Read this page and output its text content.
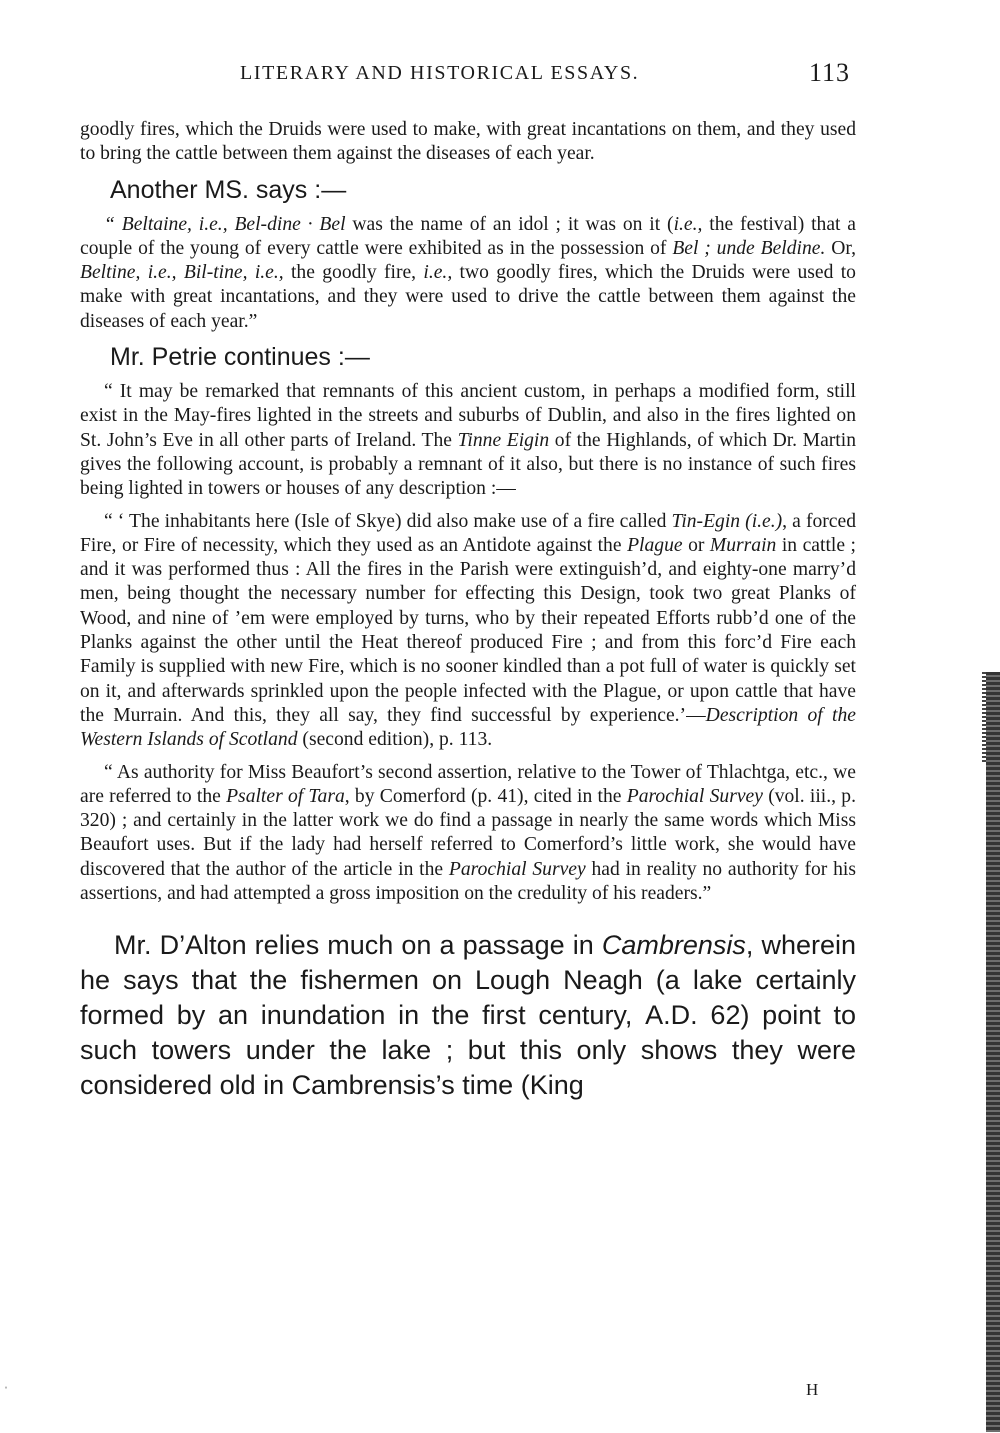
LITERARY AND HISTORICAL ESSAYS.	113

goodly fires, which the Druids were used to make, with great incantations on them, and they used to bring the cattle between them against the diseases of each year.

Another MS. says :—

“ Beltaine, i.e., Bel-dine · Bel was the name of an idol ; it was on it (i.e., the festival) that a couple of the young of every cattle were exhibited as in the possession of Bel ; unde Beldine. Or, Beltine, i.e., Bil-tine, i.e., the goodly fire, i.e., two goodly fires, which the Druids were used to make with great incantations, and they were used to drive the cattle between them against the diseases of each year.”

Mr. Petrie continues :—

“ It may be remarked that remnants of this ancient custom, in perhaps a modified form, still exist in the May-fires lighted in the streets and suburbs of Dublin, and also in the fires lighted on St. John’s Eve in all other parts of Ireland. The Tinne Eigin of the Highlands, of which Dr. Martin gives the following account, is probably a remnant of it also, but there is no instance of such fires being lighted in towers or houses of any description :—

“ ‘ The inhabitants here (Isle of Skye) did also make use of a fire called Tin-Egin (i.e.), a forced Fire, or Fire of necessity, which they used as an Antidote against the Plague or Murrain in cattle ; and it was performed thus : All the fires in the Parish were extinguish’d, and eighty-one marry’d men, being thought the necessary number for effecting this Design, took two great Planks of Wood, and nine of ’em were employed by turns, who by their repeated Efforts rubb’d one of the Planks against the other until the Heat thereof produced Fire ; and from this forc’d Fire each Family is supplied with new Fire, which is no sooner kindled than a pot full of water is quickly set on it, and afterwards sprinkled upon the people infected with the Plague, or upon cattle that have the Murrain. And this, they all say, they find successful by experience.’—Description of the Western Islands of Scotland (second edition), p. 113.

“ As authority for Miss Beaufort’s second assertion, relative to the Tower of Thlachtga, etc., we are referred to the Psalter of Tara, by Comerford (p. 41), cited in the Parochial Survey (vol. iii., p. 320) ; and certainly in the latter work we do find a passage in nearly the same words which Miss Beaufort uses. But if the lady had herself referred to Comerford’s little work, she would have discovered that the author of the article in the Parochial Survey had in reality no authority for his assertions, and had attempted a gross imposition on the credulity of his readers.”

Mr. D’Alton relies much on a passage in Cambrensis, wherein he says that the fishermen on Lough Neagh (a lake certainly formed by an inundation in the first century, A.D. 62) point to such towers under the lake ; but this only shows they were considered old in Cambrensis’s time (King

H
ˈ
